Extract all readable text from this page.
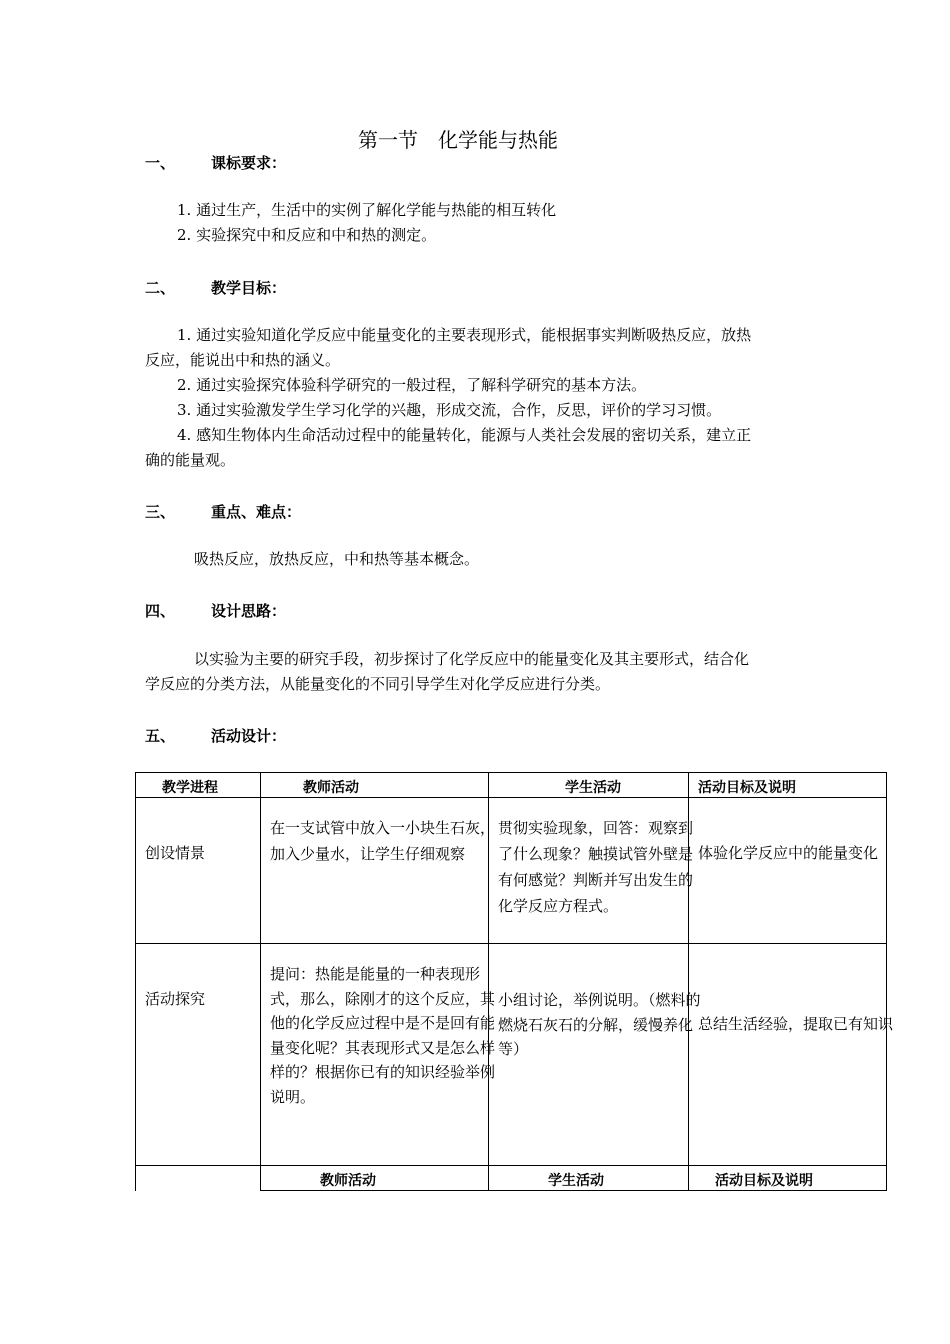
第一节　化学能与热能
一、 课标要求：
1. 通过生产，生活中的实例了解化学能与热能的相互转化
2. 实验探究中和反应和中和热的测定。
二、 教学目标：
1. 通过实验知道化学反应中能量变化的主要表现形式，能根据事实判断吸热反应，放热
反应，能说出中和热的涵义。
2. 通过实验探究体验科学研究的一般过程，了解科学研究的基本方法。
3. 通过实验激发学生学习化学的兴趣，形成交流，合作，反思，评价的学习习惯。
4. 感知生物体内生命活动过程中的能量转化，能源与人类社会发展的密切关系，建立正
确的能量观。
三、 重点、难点：
吸热反应，放热反应，中和热等基本概念。
四、 设计思路：
以实验为主要的研究手段，初步探讨了化学反应中的能量变化及其主要形式，结合化
学反应的分类方法，从能量变化的不同引导学生对化学反应进行分类。
五、 活动设计：
教学进程	教师活动	学生活动	活动目标及说明

创设情景	在一支试管中放入一小块生石灰，加入少量水，让学生仔细观察	贯彻实验现象，回答：观察到了什么现象？触摸试管外壁是有何感觉？判断并写出发生的化学反应方程式。	体验化学反应中的能量变化

活动探究	提问：热能是能量的一种表现形式，那么，除刚才的这个反应，其他的化学反应过程中是不是回有能量变化呢？其表现形式又是怎么样样的？根据你已有的知识经验举例说明。	小组讨论，举例说明。（燃料的燃烧石灰石的分解，缓慢养化等）	总结生活经验，提取已有知识

	教师活动	学生活动	活动目标及说明
